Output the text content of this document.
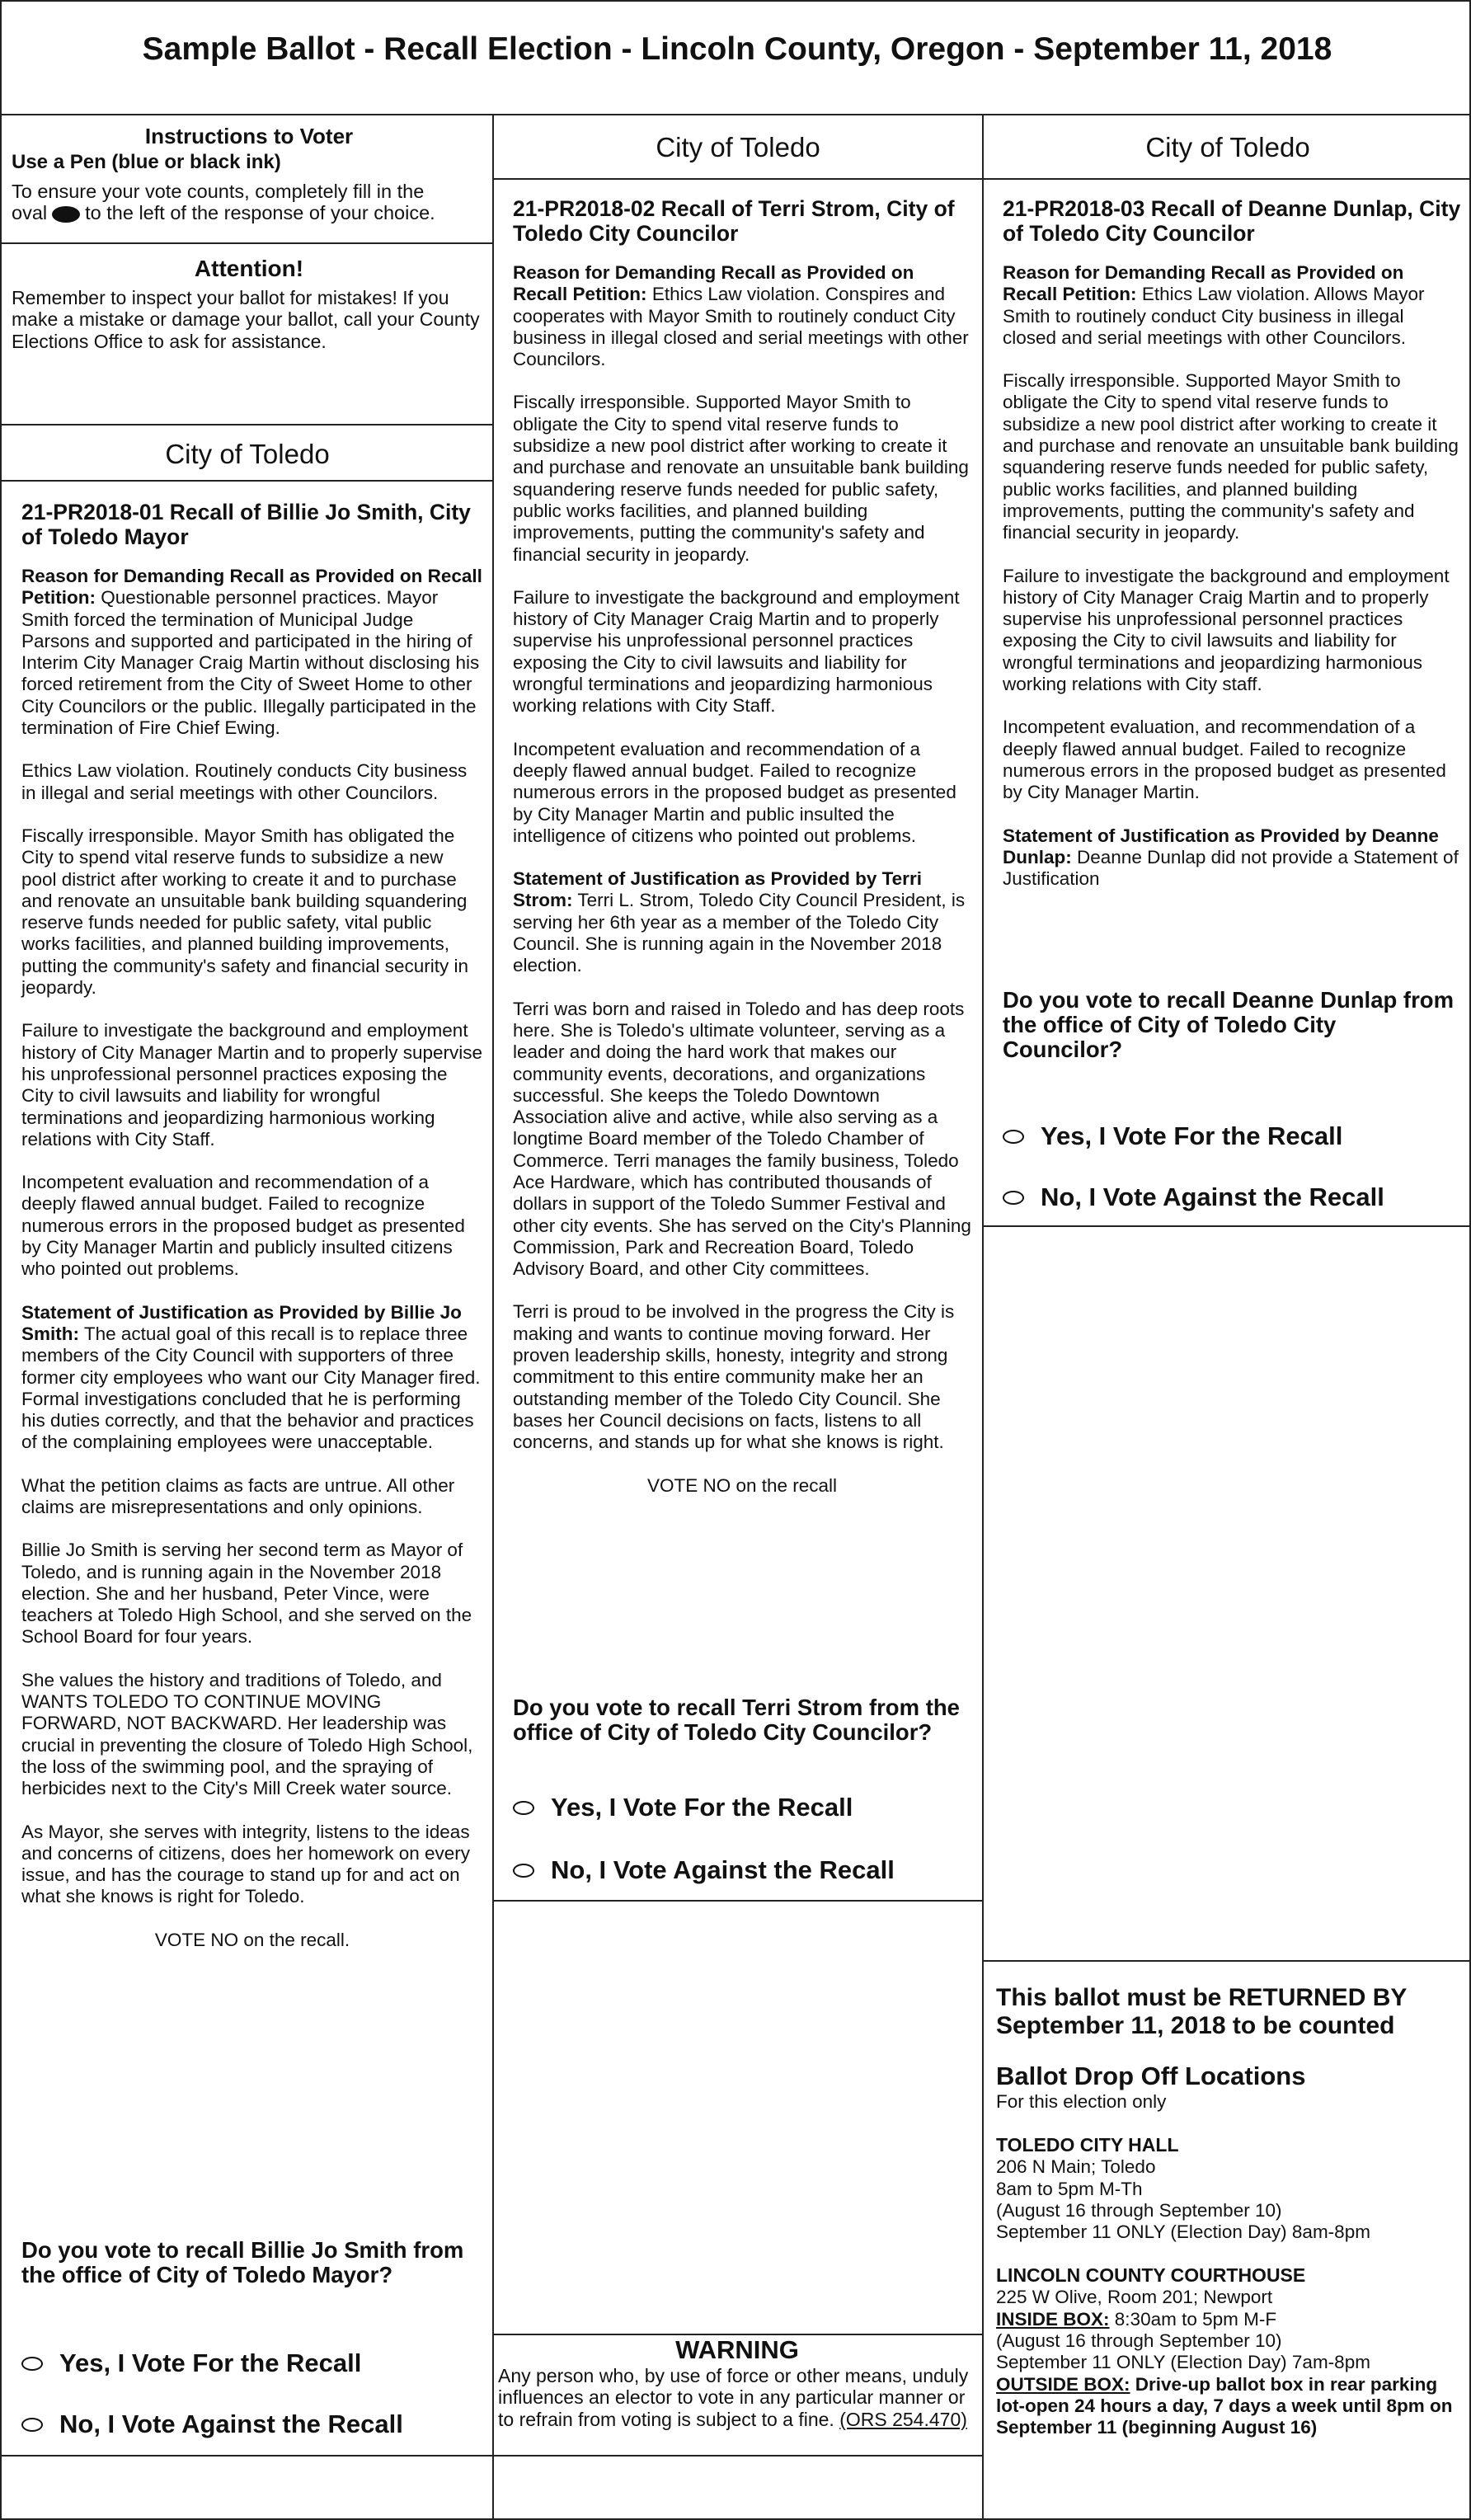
Sample Ballot - Recall Election - Lincoln County, Oregon - September 11, 2018
Instructions to Voter
Use a Pen (blue or black ink)
To ensure your vote counts, completely fill in the
oval to the left of the response of your choice.
Attention!
Remember to inspect your ballot for mistakes! If you make a mistake or damage your ballot, call your County Elections Office to ask for assistance.
City of Toledo
21-PR2018-01 Recall of Billie Jo Smith, City of Toledo Mayor

Reason for Demanding Recall as Provided on Recall Petition: Questionable personnel practices. Mayor Smith forced the termination of Municipal Judge Parsons and supported and participated in the hiring of Interim City Manager Craig Martin without disclosing his forced retirement from the City of Sweet Home to other City Councilors or the public. Illegally participated in the termination of Fire Chief Ewing.

Ethics Law violation. Routinely conducts City business in illegal and serial meetings with other Councilors.

Fiscally irresponsible. Mayor Smith has obligated the City to spend vital reserve funds to subsidize a new pool district after working to create it and to purchase and renovate an unsuitable bank building squandering reserve funds needed for public safety, vital public works facilities, and planned building improvements, putting the community's safety and financial security in jeopardy.

Failure to investigate the background and employment history of City Manager Martin and to properly supervise his unprofessional personnel practices exposing the City to civil lawsuits and liability for wrongful terminations and jeopardizing harmonious working relations with City Staff.

Incompetent evaluation and recommendation of a deeply flawed annual budget. Failed to recognize numerous errors in the proposed budget as presented by City Manager Martin and publicly insulted citizens who pointed out problems.

Statement of Justification as Provided by Billie Jo Smith: The actual goal of this recall is to replace three members of the City Council with supporters of three former city employees who want our City Manager fired. Formal investigations concluded that he is performing his duties correctly, and that the behavior and practices of the complaining employees were unacceptable.

What the petition claims as facts are untrue. All other claims are misrepresentations and only opinions.

Billie Jo Smith is serving her second term as Mayor of Toledo, and is running again in the November 2018 election. She and her husband, Peter Vince, were teachers at Toledo High School, and she served on the School Board for four years.

She values the history and traditions of Toledo, and WANTS TOLEDO TO CONTINUE MOVING FORWARD, NOT BACKWARD. Her leadership was crucial in preventing the closure of Toledo High School, the loss of the swimming pool, and the spraying of herbicides next to the City's Mill Creek water source.

As Mayor, she serves with integrity, listens to the ideas and concerns of citizens, does her homework on every issue, and has the courage to stand up for and act on what she knows is right for Toledo.

VOTE NO on the recall.

Do you vote to recall Billie Jo Smith from the office of City of Toledo Mayor?
Yes, I Vote For the Recall
No, I Vote Against the Recall
City of Toledo
21-PR2018-02 Recall of Terri Strom, City of Toledo City Councilor

Reason for Demanding Recall as Provided on Recall Petition: Ethics Law violation. Conspires and cooperates with Mayor Smith to routinely conduct City business in illegal closed and serial meetings with other Councilors.

Fiscally irresponsible. Supported Mayor Smith to obligate the City to spend vital reserve funds to subsidize a new pool district after working to create it and purchase and renovate an unsuitable bank building squandering reserve funds needed for public safety, public works facilities, and planned building improvements, putting the community's safety and financial security in jeopardy.

Failure to investigate the background and employment history of City Manager Craig Martin and to properly supervise his unprofessional personnel practices exposing the City to civil lawsuits and liability for wrongful terminations and jeopardizing harmonious working relations with City Staff.

Incompetent evaluation and recommendation of a deeply flawed annual budget. Failed to recognize numerous errors in the proposed budget as presented by City Manager Martin and public insulted the intelligence of citizens who pointed out problems.

Statement of Justification as Provided by Terri Strom: Terri L. Strom, Toledo City Council President, is serving her 6th year as a member of the Toledo City Council. She is running again in the November 2018 election.

Terri was born and raised in Toledo and has deep roots here. She is Toledo's ultimate volunteer, serving as a leader and doing the hard work that makes our community events, decorations, and organizations successful. She keeps the Toledo Downtown Association alive and active, while also serving as a longtime Board member of the Toledo Chamber of Commerce. Terri manages the family business, Toledo Ace Hardware, which has contributed thousands of dollars in support of the Toledo Summer Festival and other city events. She has served on the City's Planning Commission, Park and Recreation Board, Toledo Advisory Board, and other City committees.

Terri is proud to be involved in the progress the City is making and wants to continue moving forward. Her proven leadership skills, honesty, integrity and strong commitment to this entire community make her an outstanding member of the Toledo City Council. She bases her Council decisions on facts, listens to all concerns, and stands up for what she knows is right.

VOTE NO on the recall

Do you vote to recall Terri Strom from the office of City of Toledo City Councilor?
Yes, I Vote For the Recall
No, I Vote Against the Recall
WARNING
Any person who, by use of force or other means, unduly influences an elector to vote in any particular manner or to refrain from voting is subject to a fine. (ORS 254.470)
City of Toledo
21-PR2018-03 Recall of Deanne Dunlap, City of Toledo City Councilor

Reason for Demanding Recall as Provided on Recall Petition: Ethics Law violation. Allows Mayor Smith to routinely conduct City business in illegal closed and serial meetings with other Councilors.

Fiscally irresponsible. Supported Mayor Smith to obligate the City to spend vital reserve funds to subsidize a new pool district after working to create it and purchase and renovate an unsuitable bank building squandering reserve funds needed for public safety, public works facilities, and planned building improvements, putting the community's safety and financial security in jeopardy.

Failure to investigate the background and employment history of City Manager Craig Martin and to properly supervise his unprofessional personnel practices exposing the City to civil lawsuits and liability for wrongful terminations and jeopardizing harmonious working relations with City staff.

Incompetent evaluation, and recommendation of a deeply flawed annual budget. Failed to recognize numerous errors in the proposed budget as presented by City Manager Martin.

Statement of Justification as Provided by Deanne Dunlap: Deanne Dunlap did not provide a Statement of Justification

Do you vote to recall Deanne Dunlap from the office of City of Toledo City Councilor?
Yes, I Vote For the Recall
No, I Vote Against the Recall
This ballot must be RETURNED BY
September 11, 2018 to be counted
Ballot Drop Off Locations
For this election only
TOLEDO CITY HALL
206 N Main; Toledo
8am to 5pm M-Th
(August 16 through September 10)
September 11 ONLY (Election Day) 8am-8pm
LINCOLN COUNTY COURTHOUSE
225 W Olive, Room 201; Newport
INSIDE BOX: 8:30am to 5pm M-F
(August 16 through September 10)
September 11 ONLY (Election Day) 7am-8pm
OUTSIDE BOX: Drive-up ballot box in rear parking lot-open 24 hours a day, 7 days a week until 8pm on September 11 (beginning August 16)
